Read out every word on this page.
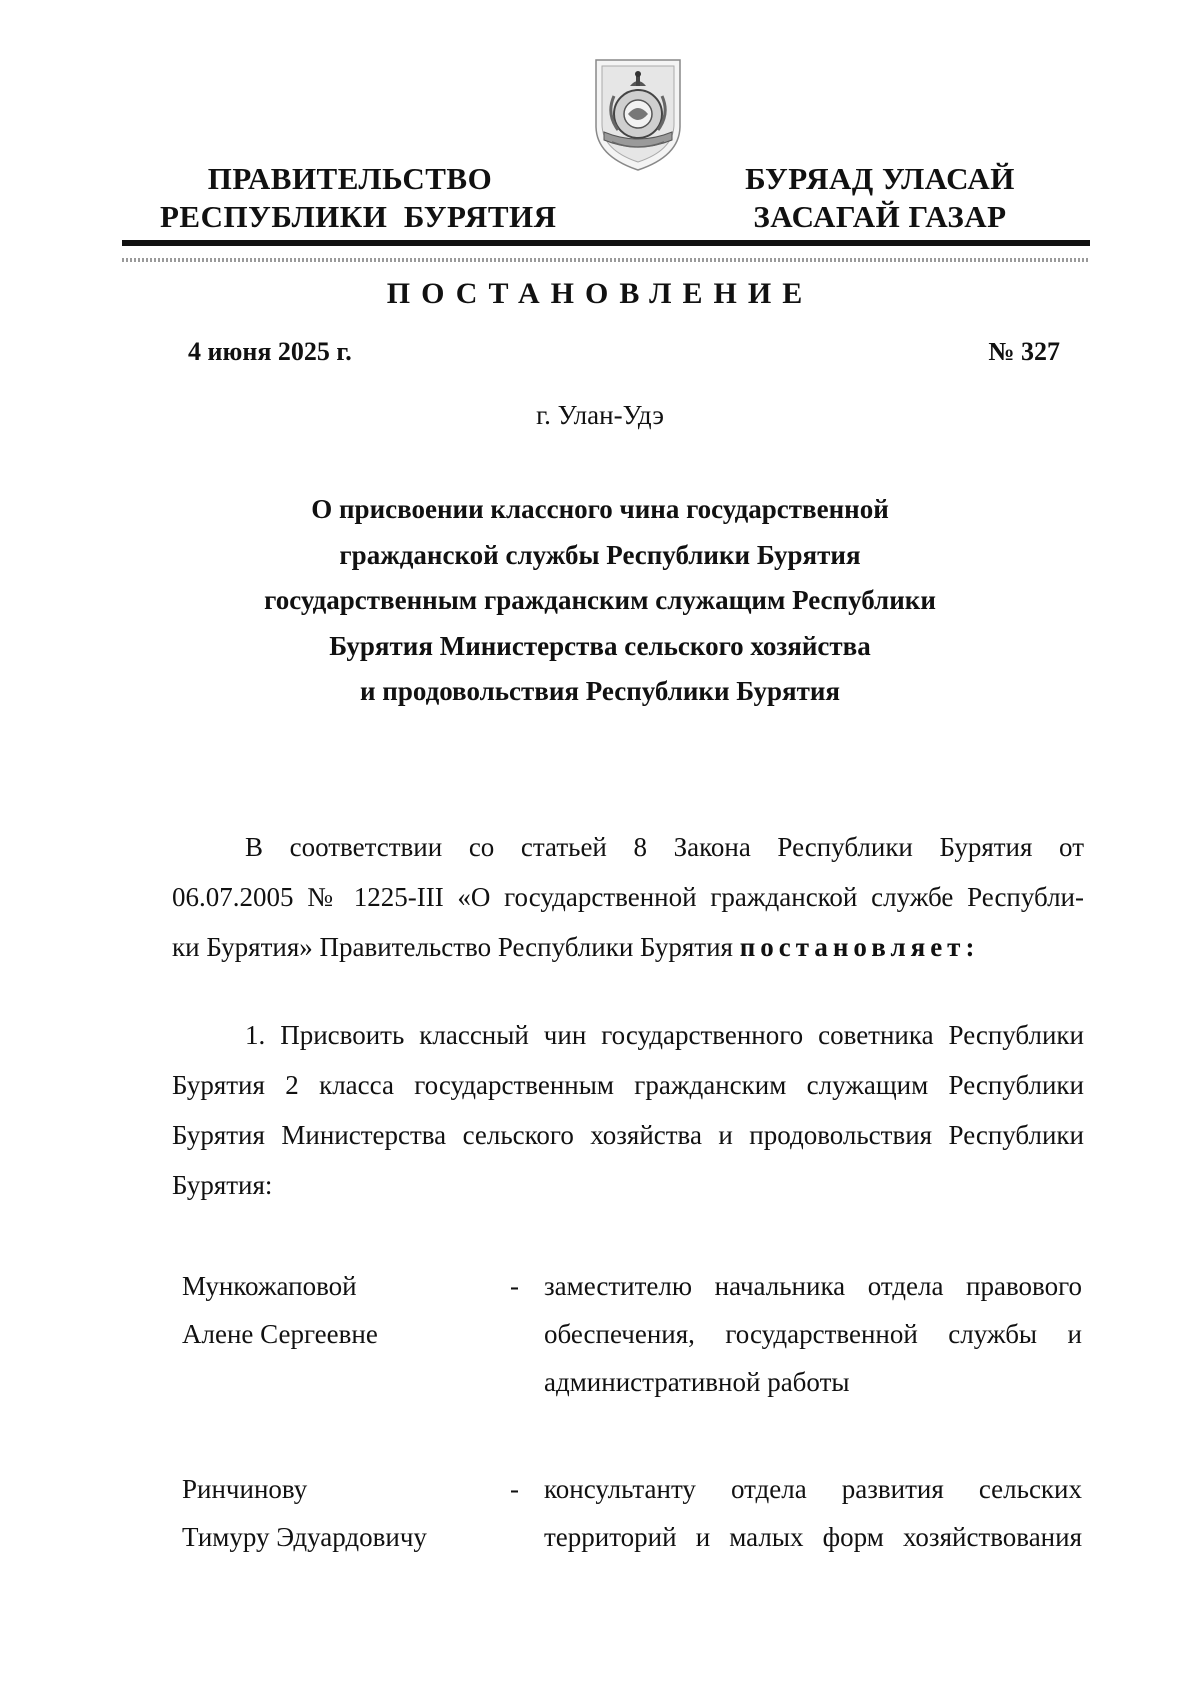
ПРАВИТЕЛЬСТВО
РЕСПУБЛИКИ  БУРЯТИЯ
БУРЯАД УЛАСАЙ
ЗАСАГАЙ ГАЗАР
ПОСТАНОВЛЕНИЕ
4 июня 2025 г.	№ 327
г. Улан-Удэ
О присвоении классного чина государственной
гражданской службы Республики Бурятия
государственным гражданским служащим Республики
Бурятия Министерства сельского хозяйства
и продовольствия Республики Бурятия
В соответствии со статьей 8 Закона Республики Бурятия от
06.07.2005 № 1225-III «О государственной гражданской службе Республи-
ки Бурятия» Правительство Республики Бурятия постановляет:
1. Присвоить классный чин государственного советника Республики
Бурятия 2 класса государственным гражданским служащим Республики
Бурятия Министерства сельского хозяйства и продовольствия Республики
Бурятия:
Мункожаповой
Алене Сергеевне
- заместителю начальника отдела правового
обеспечения, государственной службы и
административной работы
Ринчинову
Тимуру Эдуардовичу
- консультанту отдела развития сельских
территорий и малых форм хозяйствования
